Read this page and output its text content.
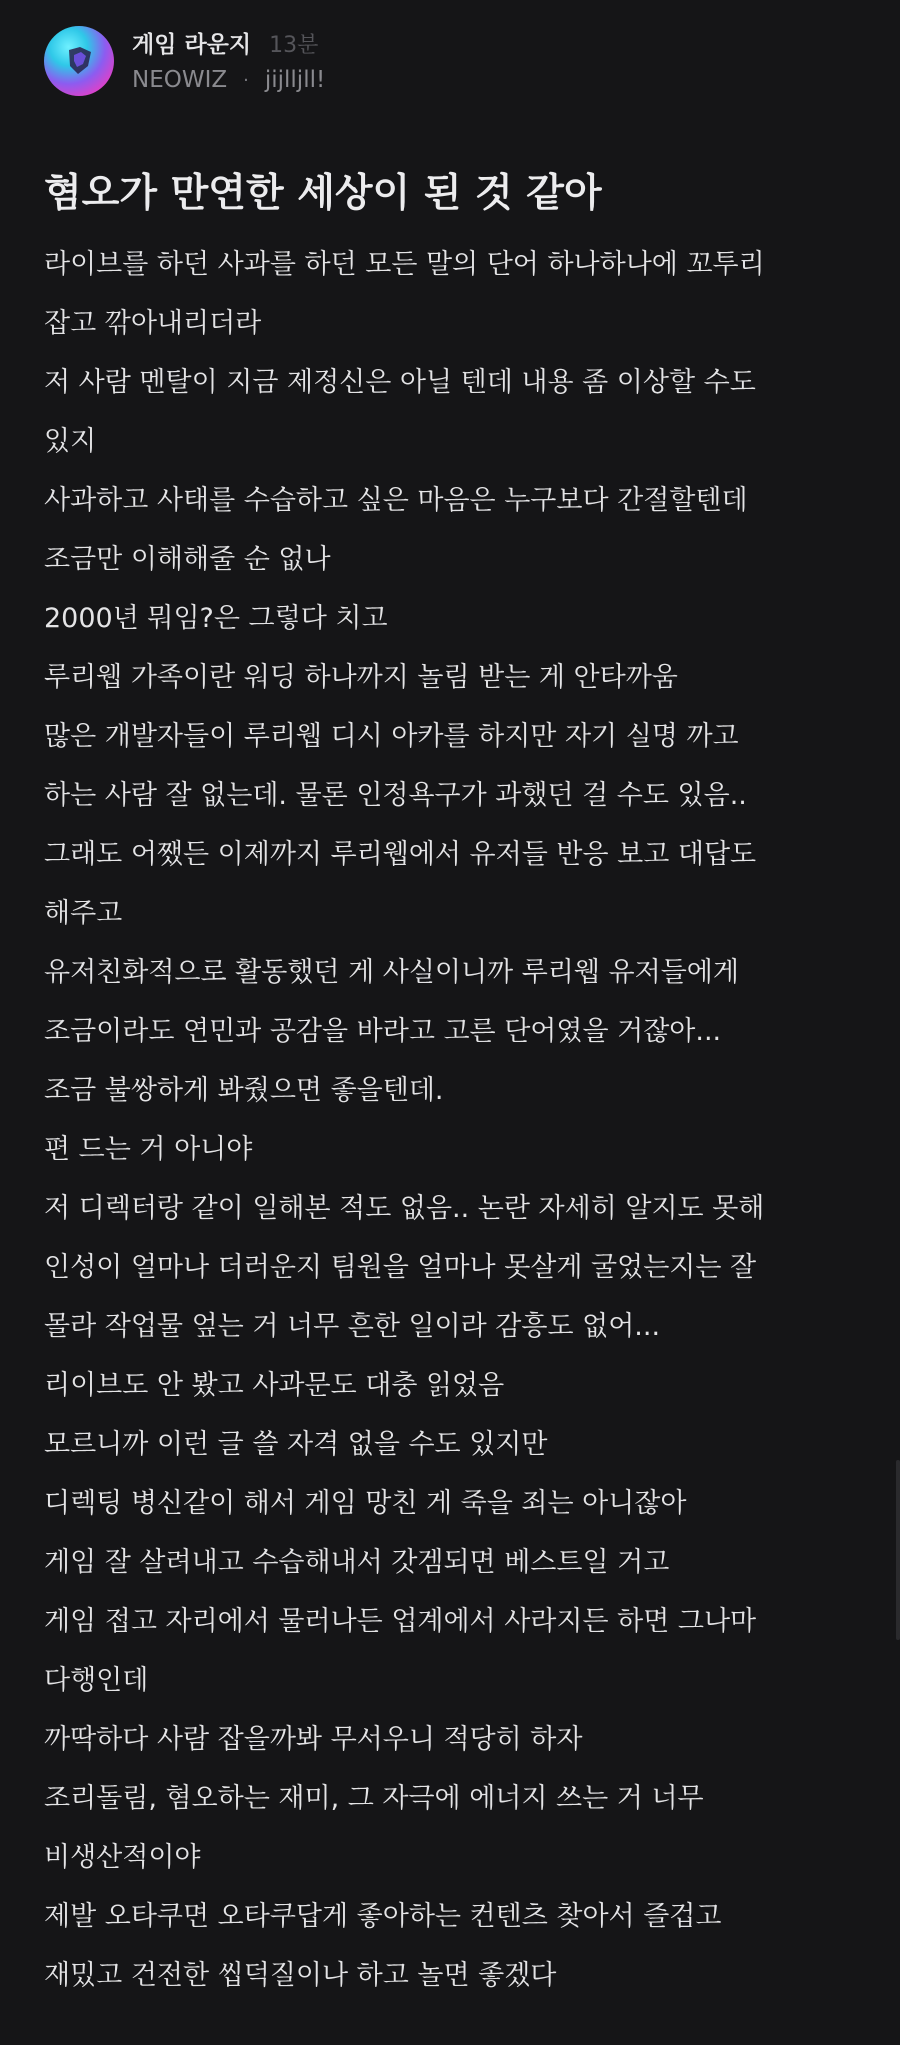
게임 라운지 13분
NEOWIZ · jijlljll!
혐오가 만연한 세상이 된 것 같아
라이브를 하던 사과를 하던 모든 말의 단어 하나하나에 꼬투리
잡고 깎아내리더라
저 사람 멘탈이 지금 제정신은 아닐 텐데 내용 좀 이상할 수도
있지
사과하고 사태를 수습하고 싶은 마음은 누구보다 간절할텐데
조금만 이해해줄 순 없나
2000년 뭐임?은 그렇다 치고
루리웹 가족이란 워딩 하나까지 놀림 받는 게 안타까움
많은 개발자들이 루리웹 디시 아카를 하지만 자기 실명 까고
하는 사람 잘 없는데. 물론 인정욕구가 과했던 걸 수도 있음..
그래도 어쨌든 이제까지 루리웹에서 유저들 반응 보고 대답도
해주고
유저친화적으로 활동했던 게 사실이니까 루리웹 유저들에게
조금이라도 연민과 공감을 바라고 고른 단어였을 거잖아...
조금 불쌍하게 봐줬으면 좋을텐데.
편 드는 거 아니야
저 디렉터랑 같이 일해본 적도 없음.. 논란 자세히 알지도 못해
인성이 얼마나 더러운지 팀원을 얼마나 못살게 굴었는지는 잘
몰라 작업물 엎는 거 너무 흔한 일이라 감흥도 없어...
리이브도 안 봤고 사과문도 대충 읽었음
모르니까 이런 글 쓸 자격 없을 수도 있지만
디렉팅 병신같이 해서 게임 망친 게 죽을 죄는 아니잖아
게임 잘 살려내고 수습해내서 갓겜되면 베스트일 거고
게임 접고 자리에서 물러나든 업계에서 사라지든 하면 그나마
다행인데
까딱하다 사람 잡을까봐 무서우니 적당히 하자
조리돌림, 혐오하는 재미, 그 자극에 에너지 쓰는 거 너무
비생산적이야
제발 오타쿠면 오타쿠답게 좋아하는 컨텐츠 찾아서 즐겁고
재밌고 건전한 씹덕질이나 하고 놀면 좋겠다
